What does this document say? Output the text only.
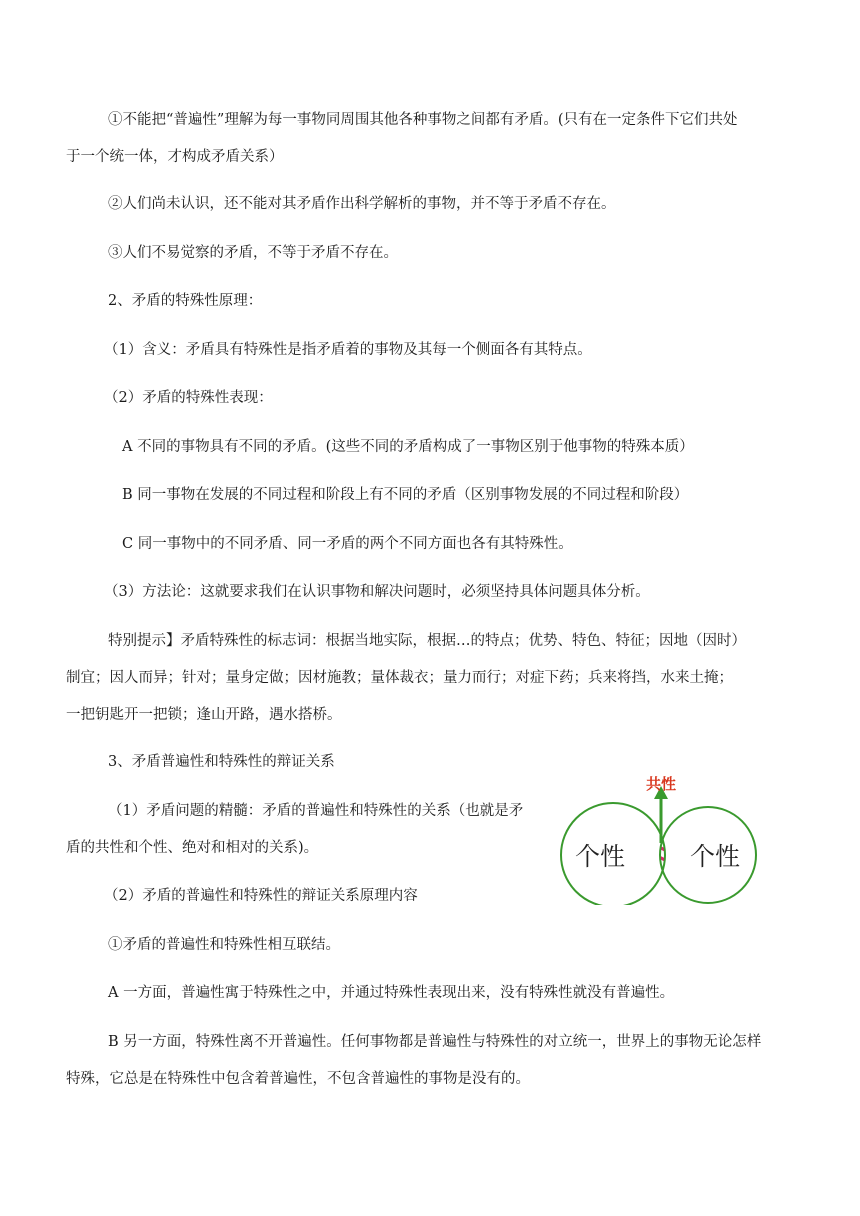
①不能把“普遍性”理解为每一事物同周围其他各种事物之间都有矛盾。(只有在一定条件下它们共处
于一个统一体，才构成矛盾关系）
②人们尚未认识，还不能对其矛盾作出科学解析的事物，并不等于矛盾不存在。
③人们不易觉察的矛盾，不等于矛盾不存在。
2、矛盾的特殊性原理：
（1）含义：矛盾具有特殊性是指矛盾着的事物及其每一个侧面各有其特点。
（2）矛盾的特殊性表现：
A 不同的事物具有不同的矛盾。(这些不同的矛盾构成了一事物区别于他事物的特殊本质）
B 同一事物在发展的不同过程和阶段上有不同的矛盾（区别事物发展的不同过程和阶段）
C 同一事物中的不同矛盾、同一矛盾的两个不同方面也各有其特殊性。
（3）方法论：这就要求我们在认识事物和解决问题时，必须坚持具体问题具体分析。
特别提示】矛盾特殊性的标志词：根据当地实际，根据…的特点；优势、特色、特征；因地（因时）
制宜；因人而异；针对；量身定做；因材施教；量体裁衣；量力而行；对症下药；兵来将挡，水来土掩；
一把钥匙开一把锁；逢山开路，遇水搭桥。
3、矛盾普遍性和特殊性的辩证关系
（1）矛盾问题的精髓：矛盾的普遍性和特殊性的关系（也就是矛
盾的共性和个性、绝对和相对的关系)。
（2）矛盾的普遍性和特殊性的辩证关系原理内容
①矛盾的普遍性和特殊性相互联结。
A 一方面，普遍性寓于特殊性之中，并通过特殊性表现出来，没有特殊性就没有普遍性。
B 另一方面，特殊性离不开普遍性。任何事物都是普遍性与特殊性的对立统一，世界上的事物无论怎样
特殊，它总是在特殊性中包含着普遍性，不包含普遍性的事物是没有的。
共性
个性	个性
